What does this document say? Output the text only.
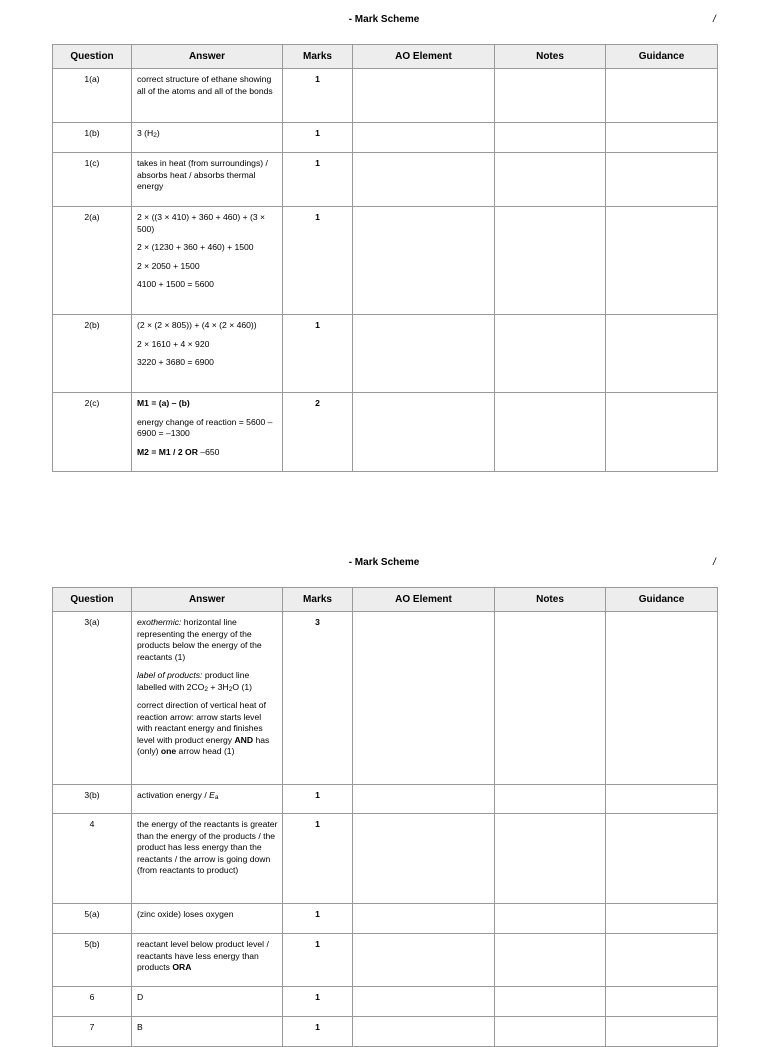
- Mark Scheme	/
Question	Answer	Marks	AO Element	Notes	Guidance
1(a)	correct structure of ethane showing all of the atoms and all of the bonds	1			
1(b)	3 $(H_2)$	1			
1(c)	takes in heat (from surroundings) / absorbs heat / absorbs thermal energy	1			
2(a)	2 × ((3 × 410) + 360 + 460) + (3 × 500)

2 × (1230 + 360 + 460) + 1500

2 × 2050 + 1500

4100 + 1500 = 5600	1			
2(b)	(2 × (2 × 805)) + (4 × (2 × 460))

2 × 1610 + 4 × 920

3220 + 3680 = 6900	1			
2(c)	M1 = (a) – (b)

energy change of reaction = 5600 – 6900 = –1300

M2 = M1 / 2 OR –650	2			
- Mark Scheme	/
Question	Answer	Marks	AO Element	Notes	Guidance
3(a)	exothermic: horizontal line representing the energy of the products below the energy of the reactants (1)

label of products: product line labelled with $2CO_2 + 3H_2O$ (1)

correct direction of vertical heat of reaction arrow: arrow starts level with reactant energy and finishes level with product energy AND has (only) one arrow head (1)	3			
3(b)	activation energy / $E_a$	1			
4	the energy of the reactants is greater than the energy of the products / the product has less energy than the reactants / the arrow is going down (from reactants to product)	1			
5(a)	(zinc oxide) loses oxygen	1			
5(b)	reactant level below product level / reactants have less energy than products ORA	1			
6	D	1			
7	B	1			
